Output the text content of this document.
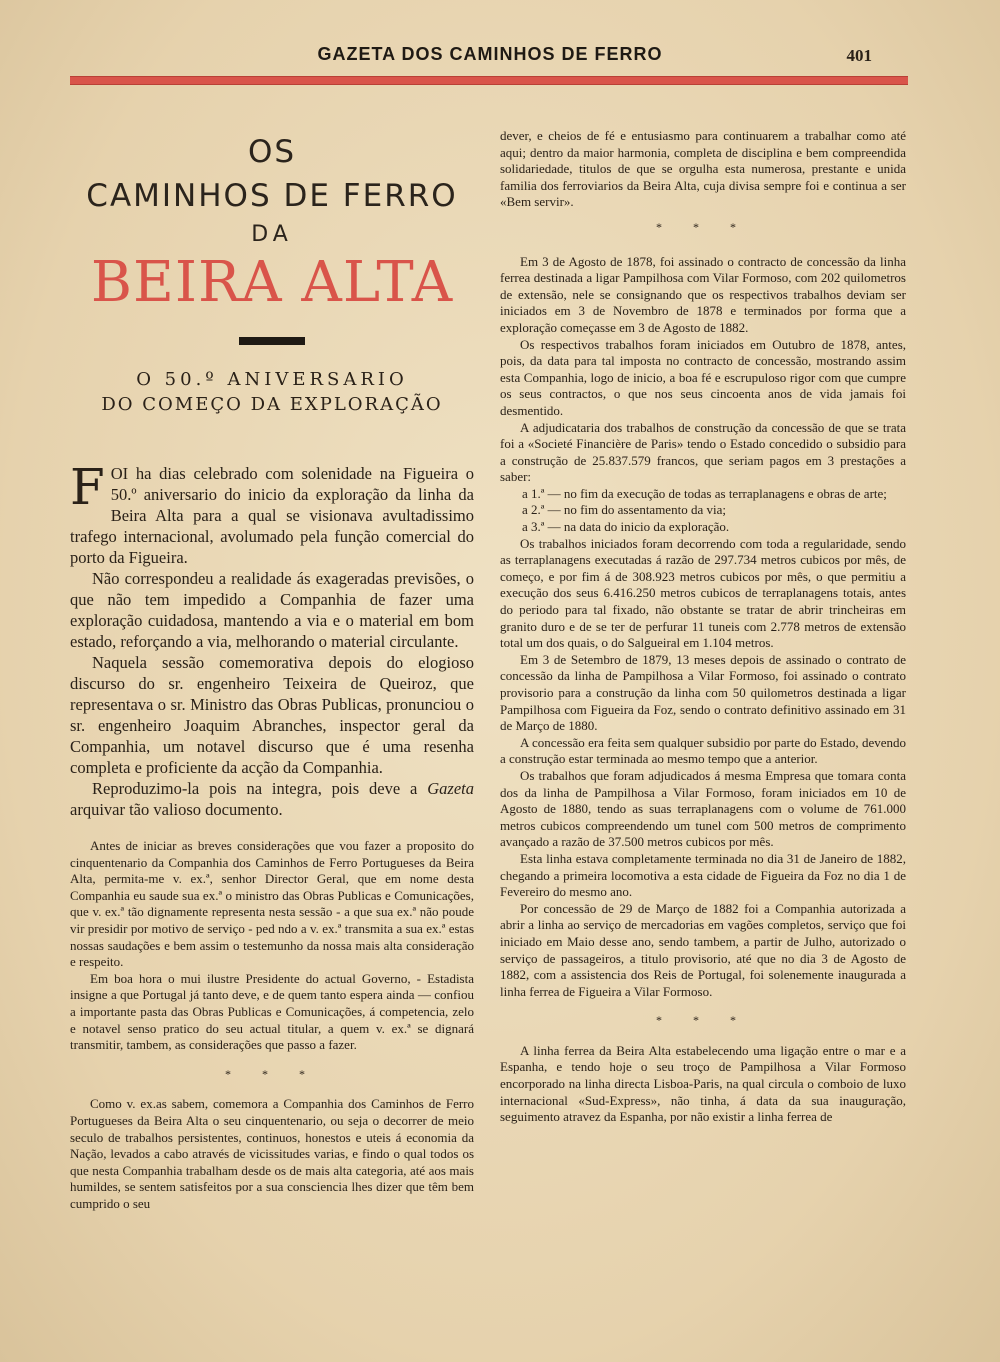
GAZETA DOS CAMINHOS DE FERRO	401
OS
CAMINHOS DE FERRO
DA
BEIRA ALTA
O 50.º ANIVERSARIO
DO COMEÇO DA EXPLORAÇÃO

FOI ha dias celebrado com solenidade na Figueira o 50.º aniversario do inicio da exploração da linha da Beira Alta para a qual se visionava avultadissimo trafego internacional, avolumado pela função comercial do porto da Figueira.

Não correspondeu a realidade ás exageradas previsões, o que não tem impedido a Companhia de fazer uma exploração cuidadosa, mantendo a via e o material em bom estado, reforçando a via, melhorando o material circulante.

Naquela sessão comemorativa depois do elogioso discurso do sr. engenheiro Teixeira de Queiroz, que representava o sr. Ministro das Obras Publicas, pronunciou o sr. engenheiro Joaquim Abranches, inspector geral da Companhia, um notavel discurso que é uma resenha completa e proficiente da acção da Companhia.

Reproduzimo-la pois na integra, pois deve a Gazeta arquivar tão valioso documento.

Antes de iniciar as breves considerações que vou fazer a proposito do cinquentenario da Companhia dos Caminhos de Ferro Portugueses da Beira Alta, permita-me v. ex.ª, senhor Director Geral, que em nome desta Companhia eu saude sua ex.ª o ministro das Obras Publicas e Comunicações, que v. ex.ª tão dignamente representa nesta sessão - a que sua ex.ª não poude vir presidir por motivo de serviço - ped ndo a v. ex.ª transmita a sua ex.ª estas nossas saudações e bem assim o testemunho da nossa mais alta consideração e respeito.

Em boa hora o mui ilustre Presidente do actual Governo, - Estadista insigne a que Portugal já tanto deve, e de quem tanto espera ainda — confiou a importante pasta das Obras Publicas e Comunicações, á competencia, zelo e notavel senso pratico do seu actual titular, a quem v. ex.ª se dignará transmitir, tambem, as considerações que passo a fazer.

* * *

Como v. ex.as sabem, comemora a Companhia dos Caminhos de Ferro Portugueses da Beira Alta o seu cinquentenario, ou seja o decorrer de meio seculo de trabalhos persistentes, continuos, honestos e uteis á economia da Nação, levados a cabo através de vicissitudes varias, e findo o qual todos os que nesta Companhia trabalham desde os de mais alta categoria, até aos mais humildes, se sentem satisfeitos por a sua consciencia lhes dizer que têm bem cumprido o seu

dever, e cheios de fé e entusiasmo para continuarem a trabalhar como até aqui; dentro da maior harmonia, completa de disciplina e bem compreendida solidariedade, titulos de que se orgulha esta numerosa, prestante e unida familia dos ferroviarios da Beira Alta, cuja divisa sempre foi e continua a ser «Bem servir».

* * *

Em 3 de Agosto de 1878, foi assinado o contracto de concessão da linha ferrea destinada a ligar Pampilhosa com Vilar Formoso, com 202 quilometros de extensão, nele se consignando que os respectivos trabalhos deviam ser iniciados em 3 de Novembro de 1878 e terminados por forma que a exploração começasse em 3 de Agosto de 1882.

Os respectivos trabalhos foram iniciados em Outubro de 1878, antes, pois, da data para tal imposta no contracto de concessão, mostrando assim esta Companhia, logo de inicio, a boa fé e escrupuloso rigor com que cumpre os seus contractos, o que nos seus cincoenta anos de vida jamais foi desmentido.

A adjudicataria dos trabalhos de construção da concessão de que se trata foi a «Societé Financière de Paris» tendo o Estado concedido o subsidio para a construção de 25.837.579 francos, que seriam pagos em 3 prestações a saber:

a 1.ª — no fim da execução de todas as terraplanagens e obras de arte;

a 2.ª — no fim do assentamento da via;

a 3.ª — na data do inicio da exploração.

Os trabalhos iniciados foram decorrendo com toda a regularidade, sendo as terraplanagens executadas á razão de 297.734 metros cubicos por mês, de começo, e por fim á de 308.923 metros cubicos por mês, o que permitiu a execução dos seus 6.416.250 metros cubicos de terraplanagens totais, antes do periodo para tal fixado, não obstante se tratar de abrir trincheiras em granito duro e de se ter de perfurar 11 tuneis com 2.778 metros de extensão total um dos quais, o do Salgueiral em 1.104 metros.

Em 3 de Setembro de 1879, 13 meses depois de assinado o contrato de concessão da linha de Pampilhosa a Vilar Formoso, foi assinado o contrato provisorio para a construção da linha com 50 quilometros destinada a ligar Pampilhosa com Figueira da Foz, sendo o contrato definitivo assinado em 31 de Março de 1880.

A concessão era feita sem qualquer subsidio por parte do Estado, devendo a construção estar terminada ao mesmo tempo que a anterior.

Os trabalhos que foram adjudicados á mesma Empresa que tomara conta dos da linha de Pampilhosa a Vilar Formoso, foram iniciados em 10 de Agosto de 1880, tendo as suas terraplanagens com o volume de 761.000 metros cubicos compreendendo um tunel com 500 metros de comprimento avançado a razão de 37.500 metros cubicos por mês.

Esta linha estava completamente terminada no dia 31 de Janeiro de 1882, chegando a primeira locomotiva a esta cidade de Figueira da Foz no dia 1 de Fevereiro do mesmo ano.

Por concessão de 29 de Março de 1882 foi a Companhia autorizada a abrir a linha ao serviço de mercadorias em vagões completos, serviço que foi iniciado em Maio desse ano, sendo tambem, a partir de Julho, autorizado o serviço de passageiros, a titulo provisorio, até que no dia 3 de Agosto de 1882, com a assistencia dos Reis de Portugal, foi solenemente inaugurada a linha ferrea de Figueira a Vilar Formoso.

* * *

A linha ferrea da Beira Alta estabelecendo uma ligação entre o mar e a Espanha, e tendo hoje o seu troço de Pampilhosa a Vilar Formoso encorporado na linha directa Lisboa-Paris, na qual circula o comboio de luxo internacional «Sud-Express», não tinha, á data da sua inauguração, seguimento atravez da Espanha, por não existir a linha ferrea de
